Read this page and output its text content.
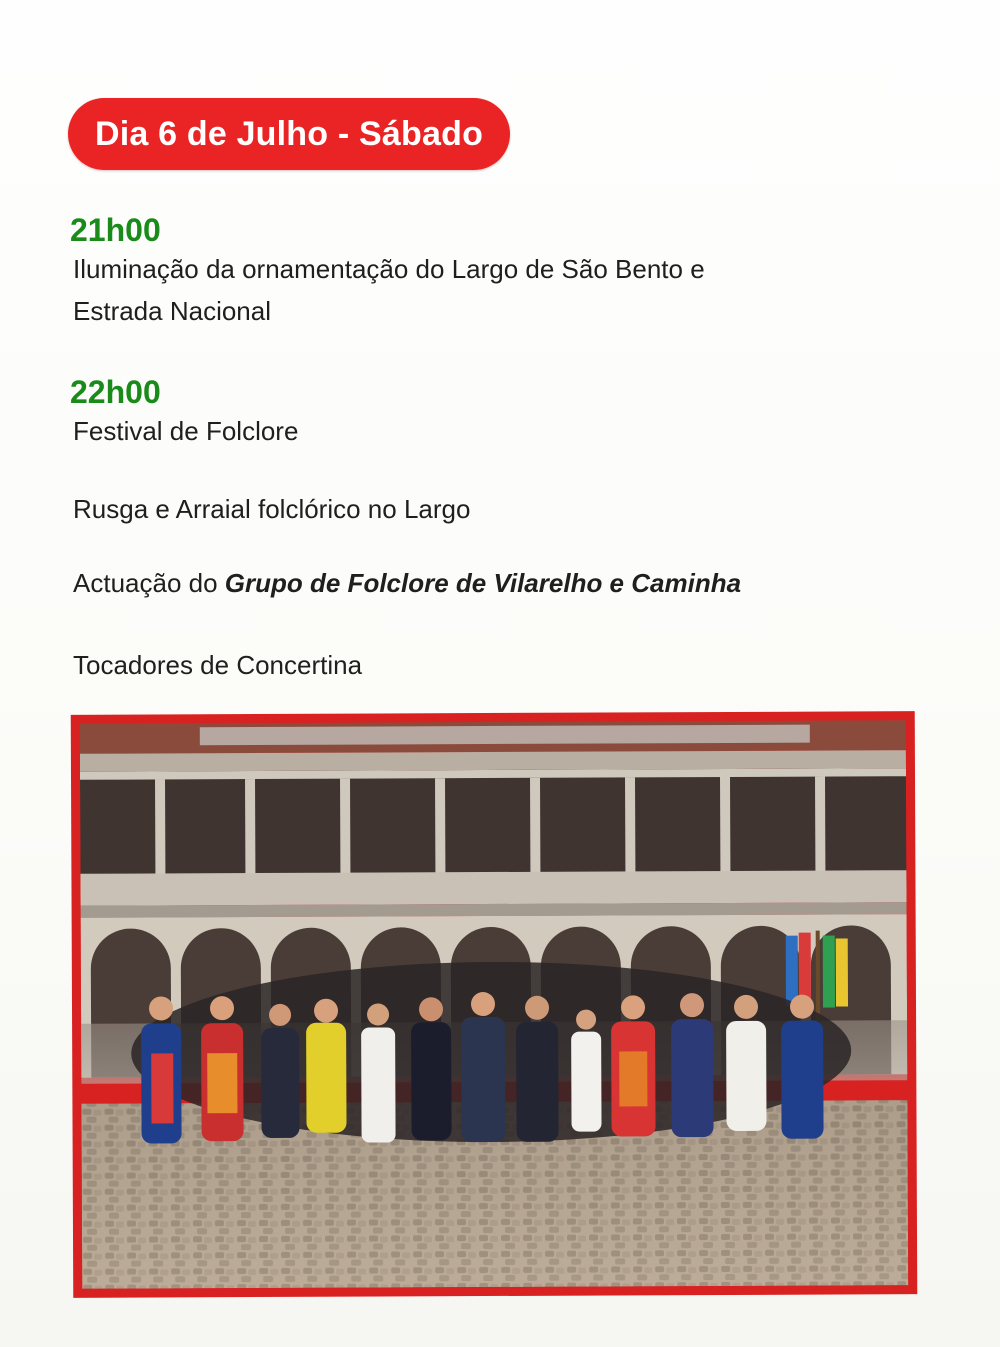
Dia 6 de Julho - Sábado
21h00
Iluminação da ornamentação do Largo de São Bento e
Estrada Nacional
22h00
Festival de Folclore
Rusga e Arraial folclórico no Largo
Actuação do Grupo de Folclore de Vilarelho e Caminha
Tocadores de Concertina
